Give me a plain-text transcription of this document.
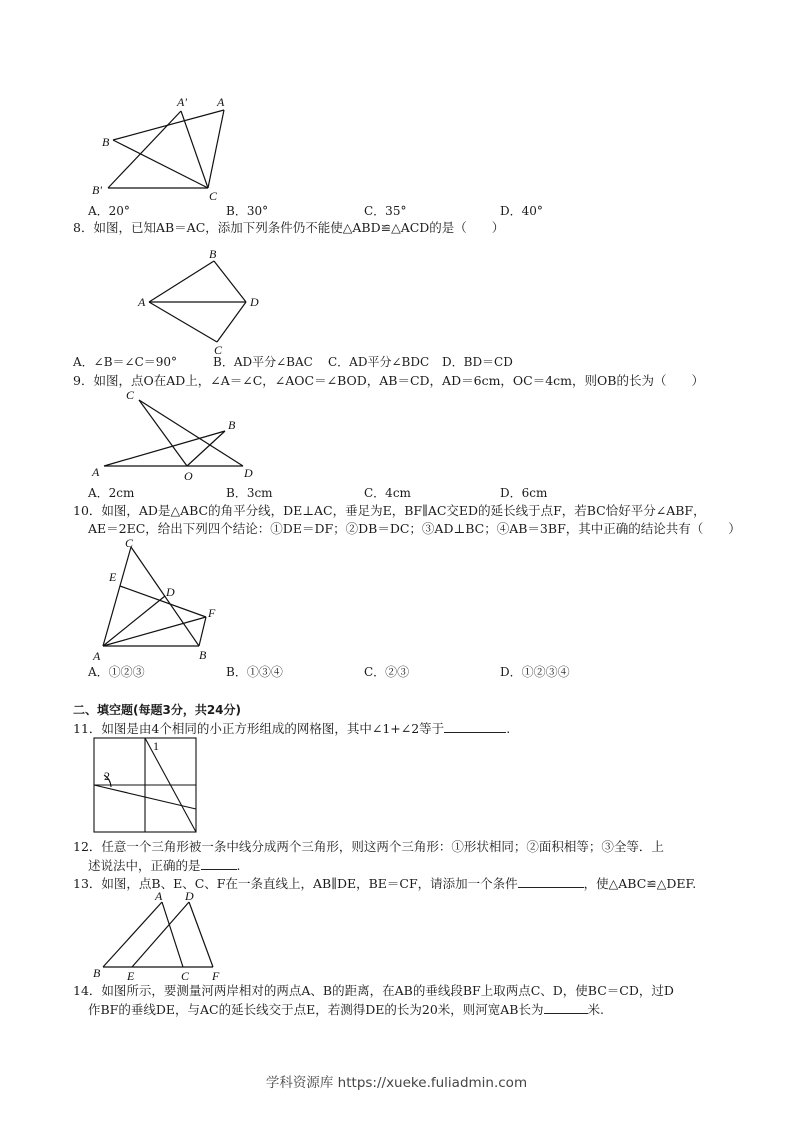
A'	A
B
B'	C
A．20°	B．30°	C．35°	D．40°
8．如图，已知AB＝AC，添加下列条件仍不能使△ABD≌△ACD的是（　　）
B
A	D
C
A．∠B＝∠C＝90°	B．AD平分∠BAC C．AD平分∠BDC D．BD＝CD
9．如图，点O在AD上，∠A＝∠C，∠AOC＝∠BOD，AB＝CD，AD＝6cm，OC＝4cm，则OB的长为（　　）
C
B
A	O	D
A．2cm	B．3cm	C．4cm	D．6cm
10．如图，AD是△ABC的角平分线，DE⊥AC，垂足为E，BF∥AC交ED的延长线于点F，若BC恰好平分∠ABF，
AE＝2EC，给出下列四个结论：①DE＝DF；②DB＝DC；③AD⊥BC；④AB＝3BF，其中正确的结论共有（　　）
C
E
D
F
A	B
A．①②③	B．①③④	C．②③	D．①②③④
二、填空题(每题3分，共24分)
11．如图是由4个相同的小正方形组成的网格图，其中∠1+∠2等于	.
1
2
12．任意一个三角形被一条中线分成两个三角形，则这两个三角形：①形状相同；②面积相等；③全等．上
述说法中，正确的是	.
13．如图，点B、E、C、F在一条直线上，AB∥DE，BE＝CF，请添加一个条件	，使△ABC≌△DEF.
A D
B E	C F
14．如图所示，要测量河两岸相对的两点A、B的距离，在AB的垂线段BF上取两点C、D，使BC＝CD，过D
作BF的垂线DE，与AC的延长线交于点E，若测得DE的长为20米，则河宽AB长为	米.
学科资源库 https://xueke.fuliadmin.com
